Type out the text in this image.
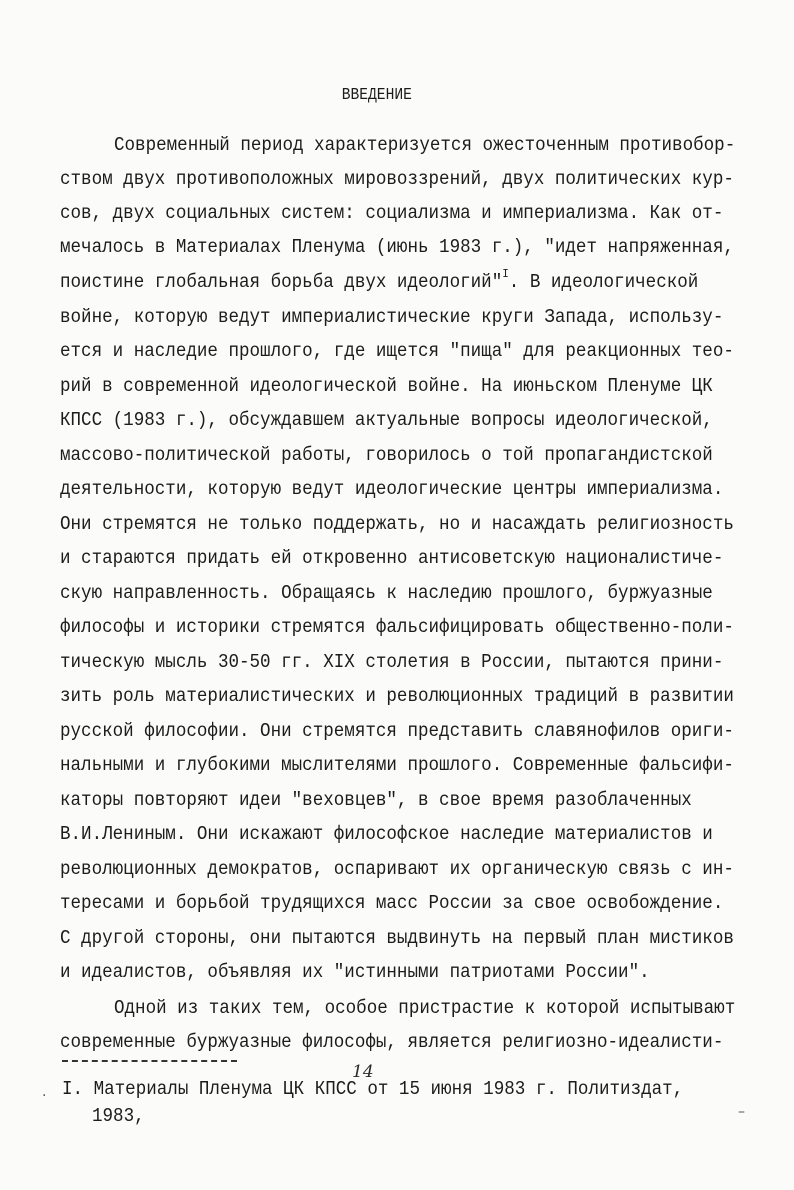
ВВЕДЕНИЕ
Современный период характеризуется ожесточенным противобор-
ством двух противоположных мировоззрений, двух политических кур-
сов, двух социальных систем: социализма и империализма. Как от-
мечалось в Материалах Пленума (июнь 1983 г.), "идет напряженная,
поистине глобальная борьба двух идеологий"$^I$. В идеологической
войне, которую ведут империалистические круги Запада, использу-
ется и наследие прошлого, где ищется "пища" для реакционных тео-
рий в современной идеологической войне. На июньском Пленуме ЦК
КПСС (1983 г.), обсуждавшем актуальные вопросы идеологической,
массово-политической работы, говорилось о той пропагандистской
деятельности, которую ведут идеологические центры империализма.
Они стремятся не только поддержать, но и насаждать религиозность
и стараются придать ей откровенно антисоветскую националистиче-
скую направленность. Обращаясь к наследию прошлого, буржуазные
философы и историки стремятся фальсифицировать общественно-поли-
тическую мысль 30-50 гг. XIX столетия в России, пытаются прини-
зить роль материалистических и революционных традиций в развитии
русской философии. Они стремятся представить славянофилов ориги-
нальными и глубокими мыслителями прошлого. Современные фальсифи-
каторы повторяют идеи "веховцев", в свое время разоблаченных
В.И.Лениным. Они искажают философское наследие материалистов и
революционных демократов, оспаривают их органическую связь с ин-
тересами и борьбой трудящихся масс России за свое освобождение.
С другой стороны, они пытаются выдвинуть на первый план мистиков
и идеалистов, объявляя их "истинными патриотами России".
Одной из таких тем, особое пристрастие к которой испытывают
современные буржуазные философы, является религиозно-идеалисти-
14
I. Материалы Пленума ЦК КПСС от 15 июня 1983 г. Политиздат,
1983,
·
–
